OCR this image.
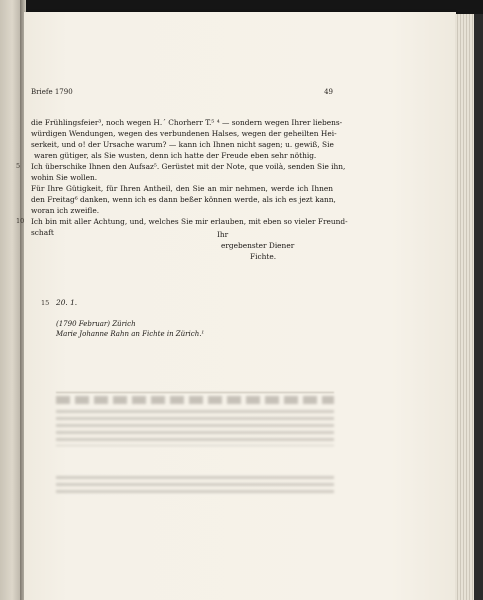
Briefe 1790	49
die Frühlingsfeier³, noch wegen H.´ Chorherr T.⁵ ⁴ — sondern wegen Ihrer liebens-
würdigen Wendungen, wegen des verbundenen Halses, wegen der geheilten Hei-
serkeit, und o! der Ursache warum? — kann ich Ihnen nicht sagen; u. gewiß, Sie
waren gütiger, als Sie wusten, denn ich hatte der Freude eben sehr nöthig.
5 Ich überschike Ihnen den Aufsaz⁵. Gerüstet mit der Note, que voilà, senden Sie ihn,
wohin Sie wollen.
Für Ihre Gütigkeit, für Ihren Antheil, den Sie an mir nehmen, werde ich Ihnen
den Freitag⁶ danken, wenn ich es dann beßer können werde, als ich es jezt kann,
woran ich zweifle.
10 Ich bin mit aller Achtung, und, welches Sie mir erlauben, mit eben so vieler Freund-
schaft	Ihr
ergebenster Diener
Fichte.
15 20. 1.
(1790 Februar) Zürich
Marie Johanne Rahn an Fichte in Zürich.¹
